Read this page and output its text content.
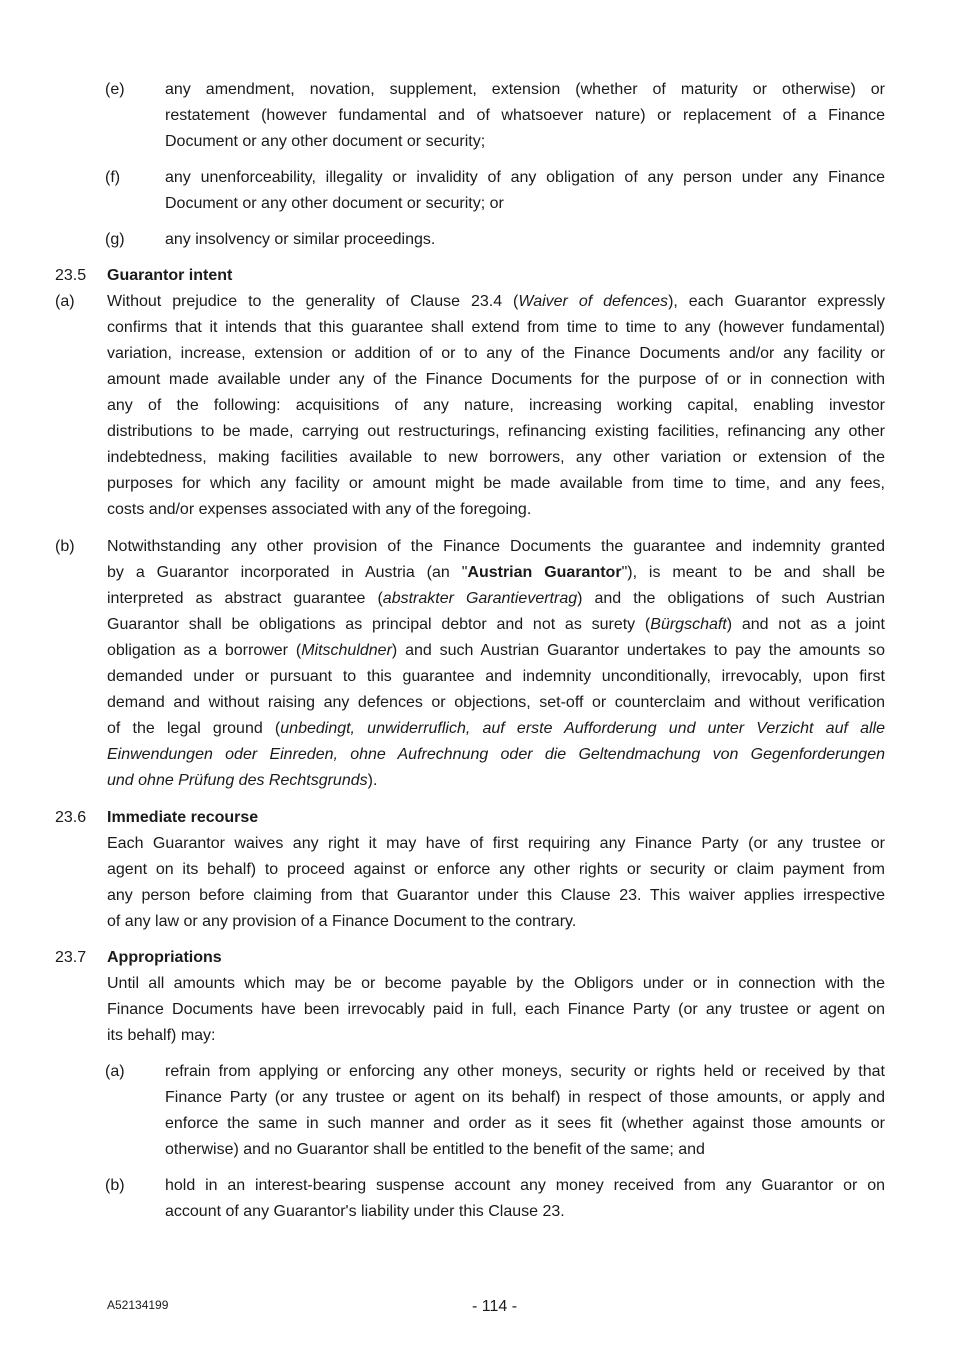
(e)	any amendment, novation, supplement, extension (whether of maturity or otherwise) or
restatement (however fundamental and of whatsoever nature) or replacement of a Finance
Document or any other document or security;
(f)	any unenforceability, illegality or invalidity of any obligation of any person under any Finance
Document or any other document or security; or
(g)	any insolvency or similar proceedings.
23.5 Guarantor intent
(a) Without prejudice to the generality of Clause 23.4 (Waiver of defences), each Guarantor expressly
confirms that it intends that this guarantee shall extend from time to time to any (however fundamental)
variation, increase, extension or addition of or to any of the Finance Documents and/or any facility or
amount made available under any of the Finance Documents for the purpose of or in connection with
any of the following: acquisitions of any nature, increasing working capital, enabling investor
distributions to be made, carrying out restructurings, refinancing existing facilities, refinancing any other
indebtedness, making facilities available to new borrowers, any other variation or extension of the
purposes for which any facility or amount might be made available from time to time, and any fees,
costs and/or expenses associated with any of the foregoing.
(b) Notwithstanding any other provision of the Finance Documents the guarantee and indemnity granted
by a Guarantor incorporated in Austria (an "Austrian Guarantor"), is meant to be and shall be
interpreted as abstract guarantee (abstrakter Garantievertrag) and the obligations of such Austrian
Guarantor shall be obligations as principal debtor and not as surety (Bürgschaft) and not as a joint
obligation as a borrower (Mitschuldner) and such Austrian Guarantor undertakes to pay the amounts so
demanded under or pursuant to this guarantee and indemnity unconditionally, irrevocably, upon first
demand and without raising any defences or objections, set-off or counterclaim and without verification
of the legal ground (unbedingt, unwiderruflich, auf erste Aufforderung und unter Verzicht auf alle
Einwendungen oder Einreden, ohne Aufrechnung oder die Geltendmachung von Gegenforderungen
und ohne Prüfung des Rechtsgrunds).
23.6 Immediate recourse
Each Guarantor waives any right it may have of first requiring any Finance Party (or any trustee or
agent on its behalf) to proceed against or enforce any other rights or security or claim payment from
any person before claiming from that Guarantor under this Clause 23. This waiver applies irrespective
of any law or any provision of a Finance Document to the contrary.
23.7 Appropriations
Until all amounts which may be or become payable by the Obligors under or in connection with the
Finance Documents have been irrevocably paid in full, each Finance Party (or any trustee or agent on
its behalf) may:
(a)	refrain from applying or enforcing any other moneys, security or rights held or received by that
Finance Party (or any trustee or agent on its behalf) in respect of those amounts, or apply and
enforce the same in such manner and order as it sees fit (whether against those amounts or
otherwise) and no Guarantor shall be entitled to the benefit of the same; and
(b)	hold in an interest-bearing suspense account any money received from any Guarantor or on
account of any Guarantor's liability under this Clause 23.
A52134199	- 114 -
